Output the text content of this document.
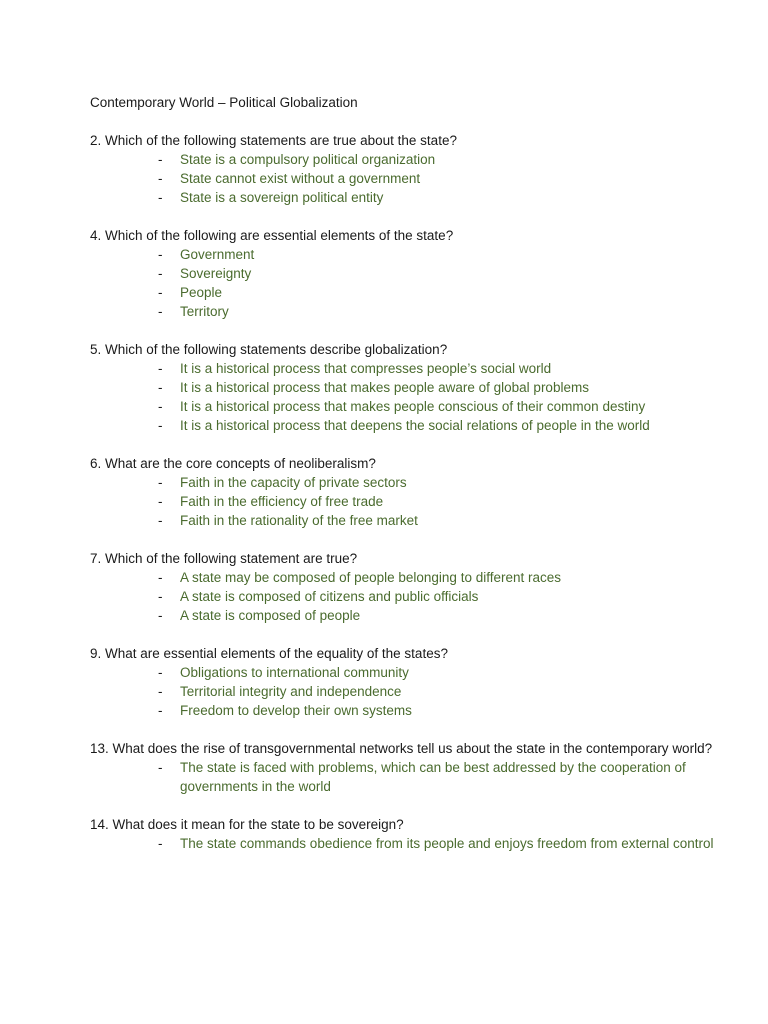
Contemporary World – Political Globalization
2. Which of the following statements are true about the state?
- State is a compulsory political organization
- State cannot exist without a government
- State is a sovereign political entity
4. Which of the following are essential elements of the state?
- Government
- Sovereignty
- People
- Territory
5. Which of the following statements describe globalization?
- It is a historical process that compresses people’s social world
- It is a historical process that makes people aware of global problems
- It is a historical process that makes people conscious of their common destiny
- It is a historical process that deepens the social relations of people in the world
6. What are the core concepts of neoliberalism?
- Faith in the capacity of private sectors
- Faith in the efficiency of free trade
- Faith in the rationality of the free market
7. Which of the following statement are true?
- A state may be composed of people belonging to different races
- A state is composed of citizens and public officials
- A state is composed of people
9. What are essential elements of the equality of the states?
- Obligations to international community
- Territorial integrity and independence
- Freedom to develop their own systems
13. What does the rise of transgovernmental networks tell us about the state in the contemporary world?
- The state is faced with problems, which can be best addressed by the cooperation of governments in the world
14. What does it mean for the state to be sovereign?
- The state commands obedience from its people and enjoys freedom from external control
